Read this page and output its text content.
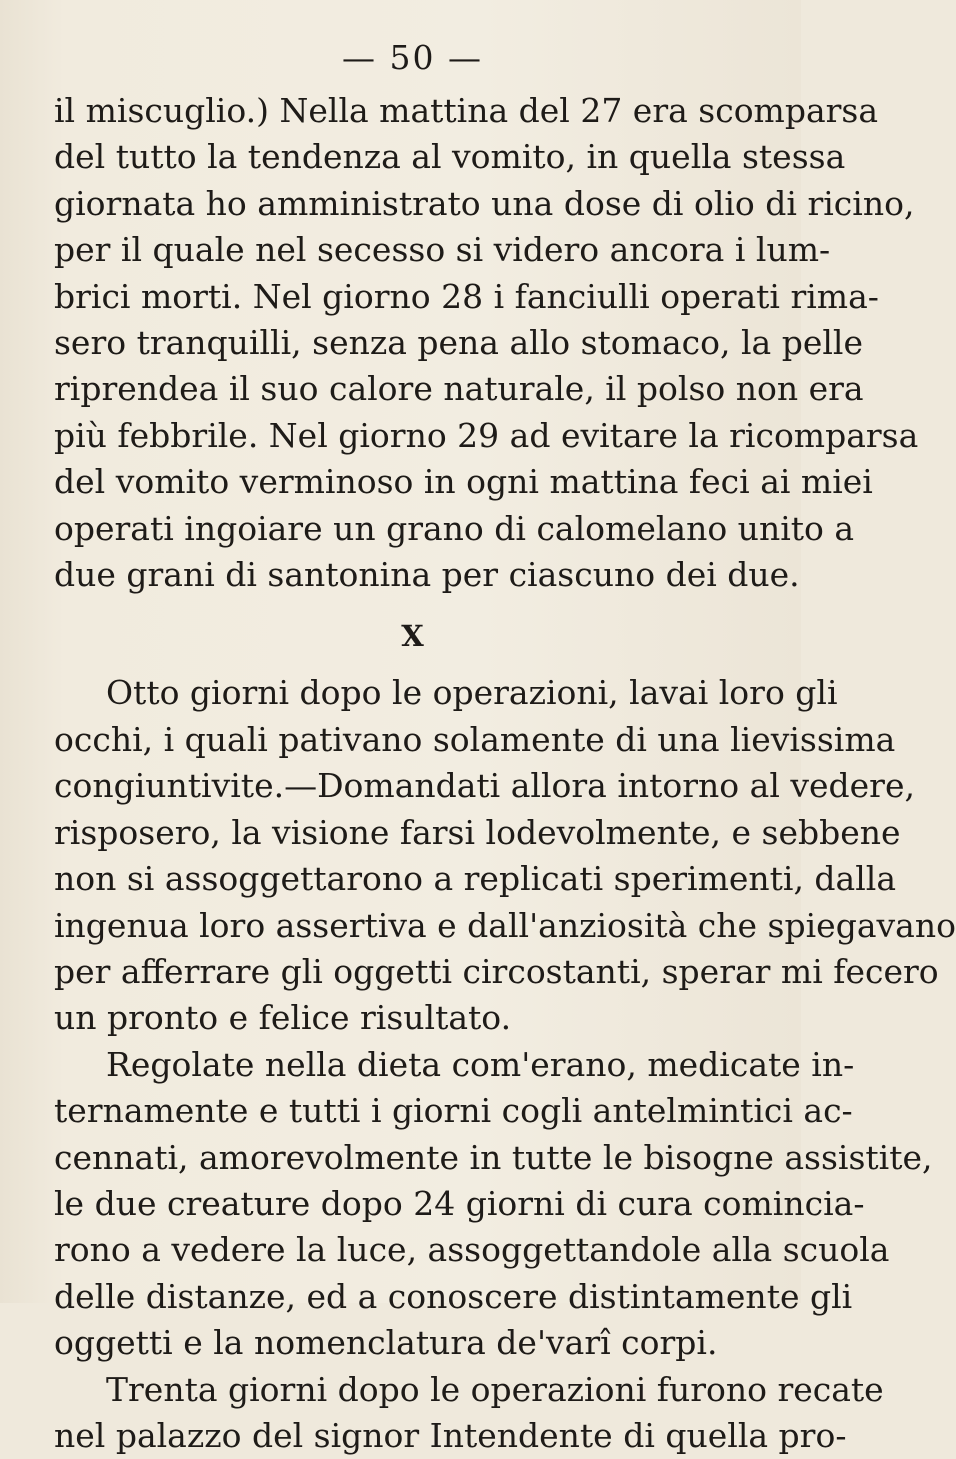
— 50 —
il miscuglio.) Nella mattina del 27 era scomparsa
del tutto la tendenza al vomito, in quella stessa
giornata ho amministrato una dose di olio di ricino,
per il quale nel secesso si videro ancora i lum-
brici morti. Nel giorno 28 i fanciulli operati rima-
sero tranquilli, senza pena allo stomaco, la pelle
riprendea il suo calore naturale, il polso non era
più febbrile. Nel giorno 29 ad evitare la ricomparsa
del vomito verminoso in ogni mattina feci ai miei
operati ingoiare un grano di calomelano unito a
due grani di santonina per ciascuno dei due.
X
Otto giorni dopo le operazioni, lavai loro gli
occhi, i quali pativano solamente di una lievissima
congiuntivite.—Domandati allora intorno al vedere,
risposero, la visione farsi lodevolmente, e sebbene
non si assoggettarono a replicati sperimenti, dalla
ingenua loro assertiva e dall'anziosità che spiegavano
per afferrare gli oggetti circostanti, sperar mi fecero
un pronto e felice risultato.
Regolate nella dieta com'erano, medicate in-
ternamente e tutti i giorni cogli antelmintici ac-
cennati, amorevolmente in tutte le bisogne assistite,
le due creature dopo 24 giorni di cura comincia-
rono a vedere la luce, assoggettandole alla scuola
delle distanze, ed a conoscere distintamente gli
oggetti e la nomenclatura de'varî corpi.
Trenta giorni dopo le operazioni furono recate
nel palazzo del signor Intendente di quella pro-
